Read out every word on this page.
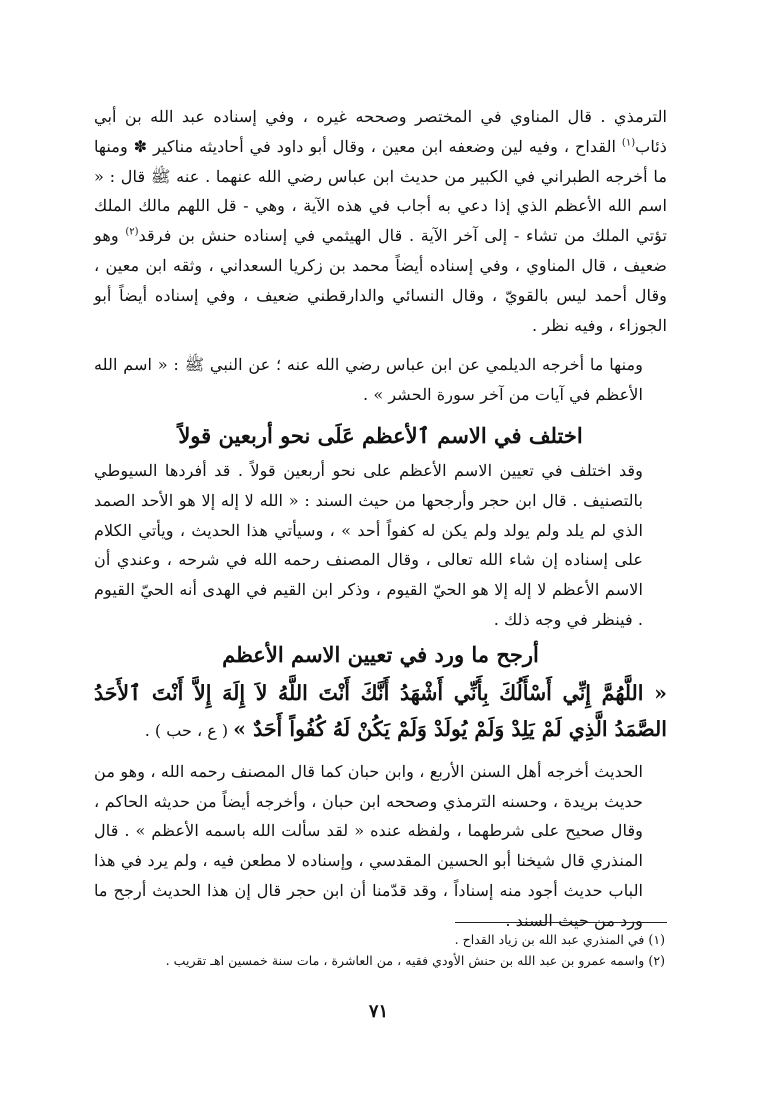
الترمذي . قال المناوي في المختصر وصححه غيره ، وفي إسناده عبد الله بن أبي ذئاب$^{(١)}$ القداح ، وفيه لين وضعفه ابن معين ، وقال أبو داود في أحاديثه مناكير ✽ ومنها ما أخرجه الطبراني في الكبير من حديث ابن عباس رضي الله عنهما . عنه ﷺ قال : « اسم الله الأعظم الذي إذا دعي به أجاب في هذه الآية ، وهي - قل اللهم مالك الملك تؤتي الملك من تشاء - إلى آخر الآية . قال الهيثمي في إسناده حنش بن فرقد$^{(٢)}$ وهو ضعيف ، قال المناوي ، وفي إسناده أيضاً محمد بن زكريا السعداني ، وثقه ابن معين ، وقال أحمد ليس بالقويّ ، وقال النسائي والدارقطني ضعيف ، وفي إسناده أيضاً أبو الجوزاء ، وفيه نظر .

ومنها ما أخرجه الديلمي عن ابن عباس رضي الله عنه ؛ عن النبي ﷺ : « اسم الله الأعظم في آيات من آخر سورة الحشر » .

اختلف في الاسم ٱلأعظم عَلَى نحو أربعين قولاً

وقد اختلف في تعيين الاسم الأعظم على نحو أربعين قولاً . قد أفردها السيوطي بالتصنيف . قال ابن حجر وأرجحها من حيث السند : « الله لا إله إلا هو الأحد الصمد الذي لم يلد ولم يولد ولم يكن له كفواً أحد » ، وسيأتي هذا الحديث ، ويأتي الكلام على إسناده إن شاء الله تعالى ، وقال المصنف رحمه الله في شرحه ، وعندي أن الاسم الأعظم لا إله إلا هو الحيّ القيوم ، وذكر ابن القيم في الهدى أنه الحيّ القيوم . فينظر في وجه ذلك .

أرجح ما ورد في تعيين الاسم الأعظم

« اللَّهُمَّ إِنِّي أَسْأَلُكَ بِأَنِّي أَشْهَدُ أَنَّكَ أَنْتَ اللَّهُ لاَ إِلَهَ إِلاَّ أَنْتَ ٱلأَحَدُ الصَّمَدُ الَّذِي لَمْ يَلِدْ وَلَمْ يُولَدْ وَلَمْ يَكُنْ لَهُ كُفُواً أَحَدٌ » ( ع ، حب ) .

الحديث أخرجه أهل السنن الأربع ، وابن حبان كما قال المصنف رحمه الله ، وهو من حديث بريدة ، وحسنه الترمذي وصححه ابن حبان ، وأخرجه أيضاً من حديثه الحاكم ، وقال صحيح على شرطهما ، ولفظه عنده « لقد سألت الله باسمه الأعظم » . قال المنذري قال شيخنا أبو الحسين المقدسي ، وإسناده لا مطعن فيه ، ولم يرد في هذا الباب حديث أجود منه إسناداً ، وقد قدّمنا أن ابن حجر قال إن هذا الحديث أرجح ما ورد من حيث السند .

(١) في المنذري عبد الله بن زياد القداح .

(٢) واسمه عمرو بن عبد الله بن حنش الأودي فقيه ، من العاشرة ، مات سنة خمسين اهـ تقريب .

٧١
